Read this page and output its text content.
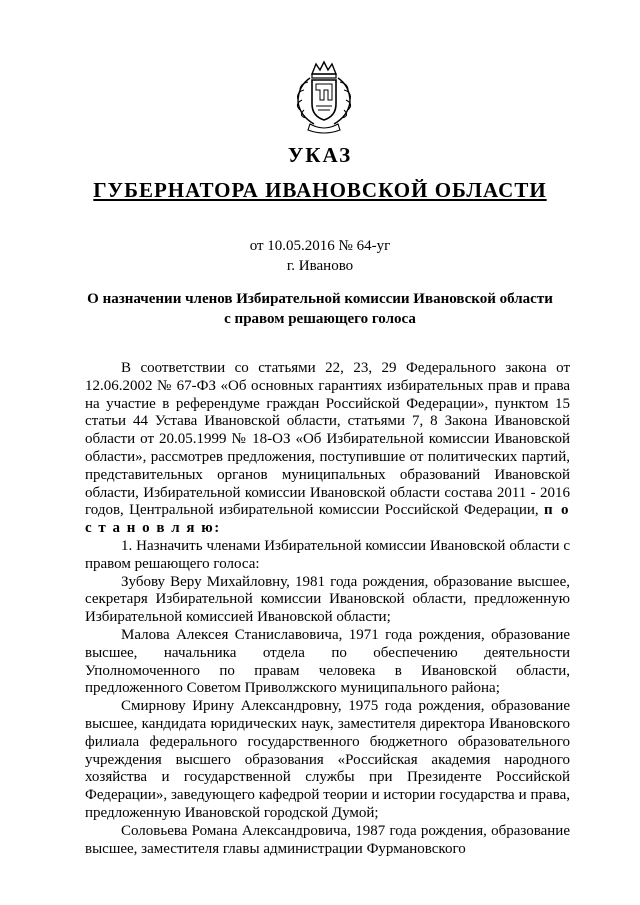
УКАЗ
ГУБЕРНАТОРА ИВАНОВСКОЙ ОБЛАСТИ
от 10.05.2016 № 64-уг
г. Иваново
О назначении членов Избирательной комиссии Ивановской области
с правом решающего голоса

В соответствии со статьями 22, 23, 29 Федерального закона от 12.06.2002 № 67-ФЗ «Об основных гарантиях избирательных прав и права на участие в референдуме граждан Российской Федерации», пунктом 15 статьи 44 Устава Ивановской области, статьями 7, 8 Закона Ивановской области от 20.05.1999 № 18-ОЗ «Об Избирательной комиссии Ивановской области», рассмотрев предложения, поступившие от политических партий, представительных органов муниципальных образований Ивановской области, Избирательной комиссии Ивановской области состава 2011 - 2016 годов, Центральной избирательной комиссии Российской Федерации, п о с т а н о в л я ю:

1. Назначить членами Избирательной комиссии Ивановской области с правом решающего голоса:

Зубову Веру Михайловну, 1981 года рождения, образование высшее, секретаря Избирательной комиссии Ивановской области, предложенную Избирательной комиссией Ивановской области;

Малова Алексея Станиславовича, 1971 года рождения, образование высшее, начальника отдела по обеспечению деятельности Уполномоченного по правам человека в Ивановской области, предложенного Советом Приволжского муниципального района;

Смирнову Ирину Александровну, 1975 года рождения, образование высшее, кандидата юридических наук, заместителя директора Ивановского филиала федерального государственного бюджетного образовательного учреждения высшего образования «Российская академия народного хозяйства и государственной службы при Президенте Российской Федерации», заведующего кафедрой теории и истории государства и права, предложенную Ивановской городской Думой;

Соловьева Романа Александровича, 1987 года рождения, образование высшее, заместителя главы администрации Фурмановского
